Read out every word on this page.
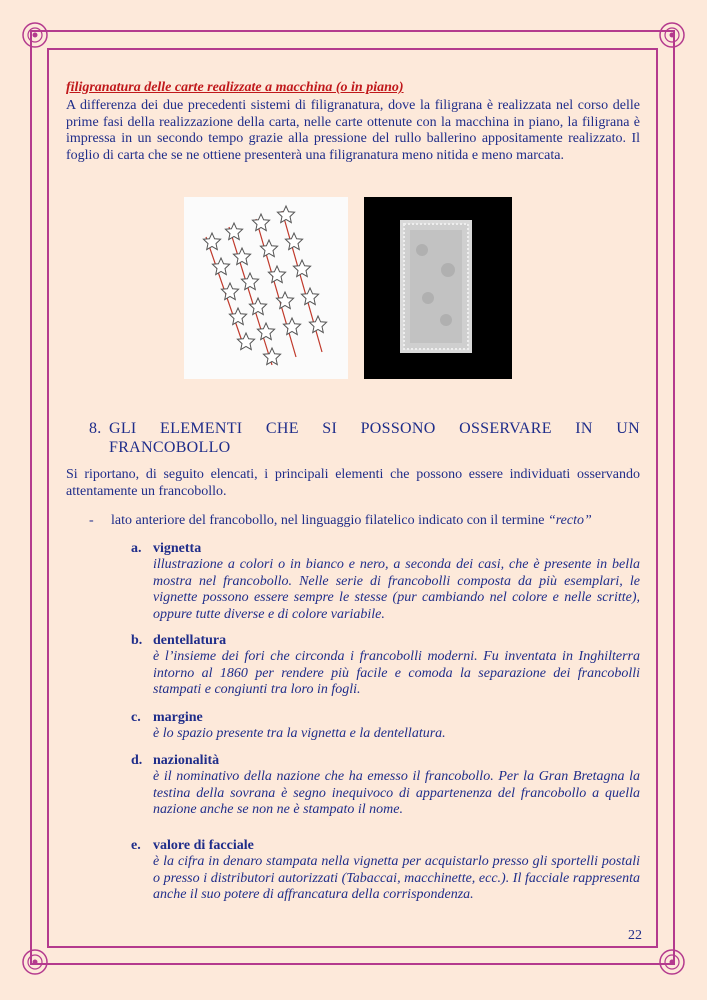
filigranatura delle carte realizzate a macchina (o in piano)

A differenza dei due precedenti sistemi di filigranatura, dove la filigrana è realizzata nel corso delle prime fasi della realizzazione della carta, nelle carte ottenute con la macchina in piano, la filigrana è impressa in un secondo tempo grazie alla pressione del rullo ballerino appositamente realizzato. Il foglio di carta che se ne ottiene presenterà una filigranatura meno nitida e meno marcata.

8. GLI ELEMENTI CHE SI POSSONO OSSERVARE IN UN
FRANCOBOLLO

Si riportano, di seguito elencati, i principali elementi che possono essere individuati osservando attentamente un francobollo.

- lato anteriore del francobollo, nel linguaggio filatelico indicato con il termine “recto”
a. vignetta
illustrazione a colori o in bianco e nero, a seconda dei casi, che è presente in bella mostra nel francobollo. Nelle serie di francobolli composta da più esemplari, le vignette possono essere sempre le stesse (pur cambiando nel colore e nelle scritte), oppure tutte diverse e di colore variabile.
b. dentellatura
è l’insieme dei fori che circonda i francobolli moderni. Fu inventata in Inghilterra intorno al 1860 per rendere più facile e comoda la separazione dei francobolli stampati e congiunti tra loro in fogli.
c. margine
è lo spazio presente tra la vignetta e la dentellatura.
d. nazionalità
è il nominativo della nazione che ha emesso il francobollo. Per la Gran Bretagna la testina della sovrana è segno inequivoco di appartenenza del francobollo a quella nazione anche se non ne è stampato il nome.
e. valore di facciale
è la cifra in denaro stampata nella vignetta per acquistarlo presso gli sportelli postali o presso i distributori autorizzati (Tabaccai, macchinette, ecc.). Il facciale rappresenta anche il suo potere di affrancatura della corrispondenza.
22
